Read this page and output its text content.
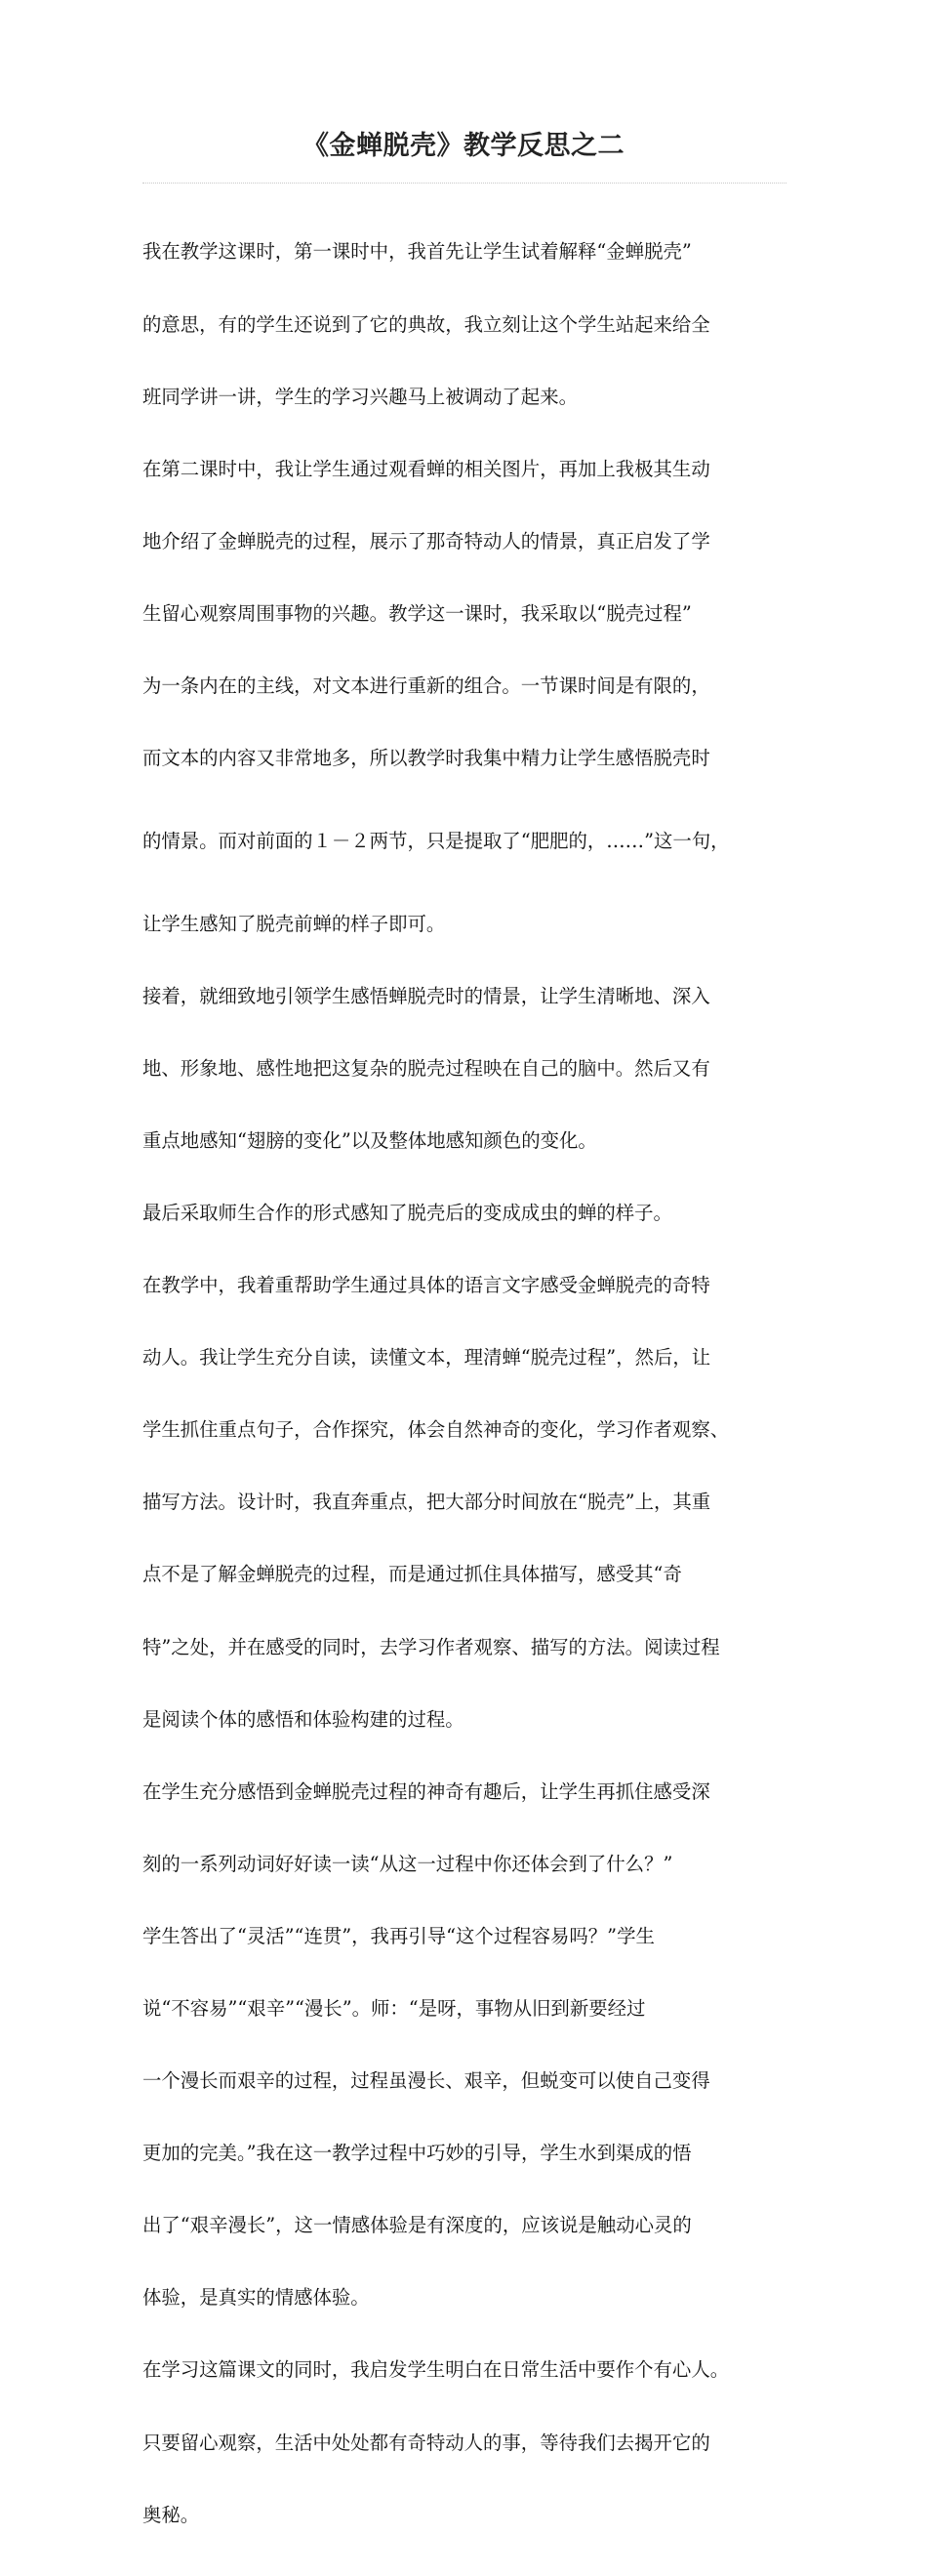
《金蝉脱壳》教学反思之二

我在教学这课时，第一课时中，我首先让学生试着解释“金蝉脱壳”

的意思，有的学生还说到了它的典故，我立刻让这个学生站起来给全

班同学讲一讲，学生的学习兴趣马上被调动了起来。

在第二课时中，我让学生通过观看蝉的相关图片，再加上我极其生动

地介绍了金蝉脱壳的过程，展示了那奇特动人的情景，真正启发了学

生留心观察周围事物的兴趣。教学这一课时，我采取以“脱壳过程”

为一条内在的主线，对文本进行重新的组合。一节课时间是有限的，

而文本的内容又非常地多，所以教学时我集中精力让学生感悟脱壳时

的情景。而对前面的１－２两节，只是提取了“肥肥的，……”这一句，

让学生感知了脱壳前蝉的样子即可。

接着，就细致地引领学生感悟蝉脱壳时的情景，让学生清晰地、深入

地、形象地、感性地把这复杂的脱壳过程映在自己的脑中。然后又有

重点地感知“翅膀的变化”以及整体地感知颜色的变化。

最后采取师生合作的形式感知了脱壳后的变成成虫的蝉的样子。

在教学中，我着重帮助学生通过具体的语言文字感受金蝉脱壳的奇特

动人。我让学生充分自读，读懂文本，理清蝉“脱壳过程”，然后，让

学生抓住重点句子，合作探究，体会自然神奇的变化，学习作者观察、

描写方法。设计时，我直奔重点，把大部分时间放在“脱壳”上，其重

点不是了解金蝉脱壳的过程，而是通过抓住具体描写，感受其“奇

特”之处，并在感受的同时，去学习作者观察、描写的方法。阅读过程

是阅读个体的感悟和体验构建的过程。

在学生充分感悟到金蝉脱壳过程的神奇有趣后，让学生再抓住感受深

刻的一系列动词好好读一读“从这一过程中你还体会到了什么？”

学生答出了“灵活”“连贯”，我再引导“这个过程容易吗？”学生

说“不容易”“艰辛”“漫长”。师：“是呀，事物从旧到新要经过

一个漫长而艰辛的过程，过程虽漫长、艰辛，但蜕变可以使自己变得

更加的完美。”我在这一教学过程中巧妙的引导，学生水到渠成的悟

出了“艰辛漫长”，这一情感体验是有深度的，应该说是触动心灵的

体验，是真实的情感体验。

在学习这篇课文的同时，我启发学生明白在日常生活中要作个有心人。

只要留心观察，生活中处处都有奇特动人的事，等待我们去揭开它的

奥秘。
